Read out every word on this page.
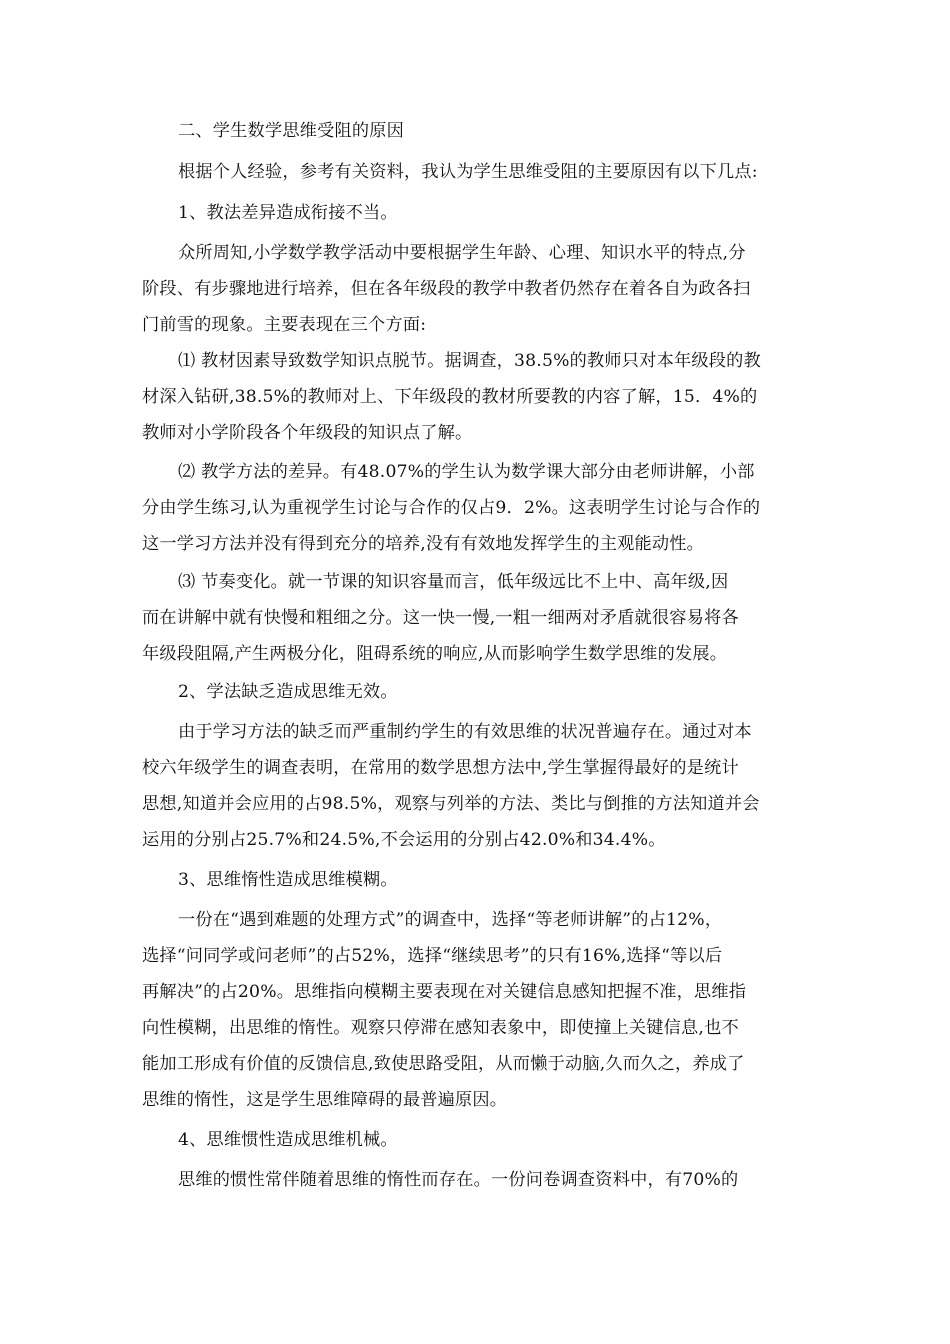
二、学生数学思维受阻的原因

根据个人经验，参考有关资料，我认为学生思维受阻的主要原因有以下几点:

1、教法差异造成衔接不当。

众所周知,小学数学教学活动中要根据学生年龄、心理、知识水平的特点,分

阶段、有步骤地进行培养，但在各年级段的教学中教者仍然存在着各自为政各扫

门前雪的现象。主要表现在三个方面:

⑴ 教材因素导致数学知识点脱节。据调查，38.5%的教师只对本年级段的教

材深入钻研,38.5%的教师对上、下年级段的教材所要教的内容了解，15．4%的

教师对小学阶段各个年级段的知识点了解。

⑵ 教学方法的差异。有48.07%的学生认为数学课大部分由老师讲解，小部

分由学生练习,认为重视学生讨论与合作的仅占9．2%。这表明学生讨论与合作的

这一学习方法并没有得到充分的培养,没有有效地发挥学生的主观能动性。

⑶ 节奏变化。就一节课的知识容量而言，低年级远比不上中、高年级,因

而在讲解中就有快慢和粗细之分。这一快一慢,一粗一细两对矛盾就很容易将各

年级段阻隔,产生两极分化，阻碍系统的响应,从而影响学生数学思维的发展。

2、学法缺乏造成思维无效。

由于学习方法的缺乏而严重制约学生的有效思维的状况普遍存在。通过对本

校六年级学生的调查表明，在常用的数学思想方法中,学生掌握得最好的是统计

思想,知道并会应用的占98.5%，观察与列举的方法、类比与倒推的方法知道并会

运用的分别占25.7%和24.5%,不会运用的分别占42.0%和34.4%。

3、思维惰性造成思维模糊。

一份在“遇到难题的处理方式”的调查中，选择“等老师讲解”的占12%，

选择“问同学或问老师”的占52%，选择“继续思考”的只有16%,选择“等以后

再解决”的占20%。思维指向模糊主要表现在对关键信息感知把握不准，思维指

向性模糊，出思维的惰性。观察只停滞在感知表象中，即使撞上关键信息,也不

能加工形成有价值的反馈信息,致使思路受阻，从而懒于动脑,久而久之，养成了

思维的惰性，这是学生思维障碍的最普遍原因。

4、思维惯性造成思维机械。

思维的惯性常伴随着思维的惰性而存在。一份问卷调查资料中，有70%的
